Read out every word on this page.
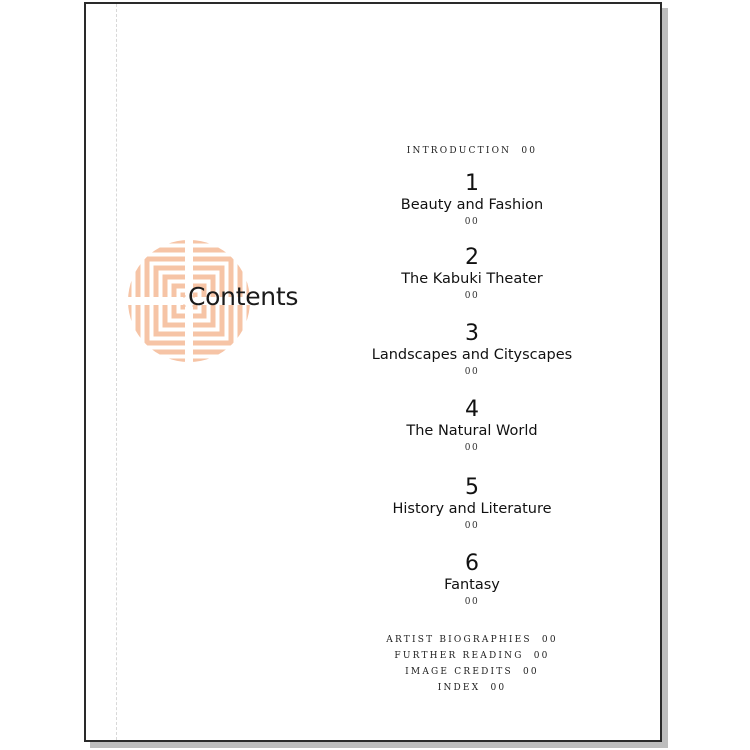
Contents
INTRODUCTION 00
1
Beauty and Fashion
00
2
The Kabuki Theater
00
3
Landscapes and Cityscapes
00
4
The Natural World
00
5
History and Literature
00
6
Fantasy
00
ARTIST BIOGRAPHIES 00
FURTHER READING 00
IMAGE CREDITS 00
INDEX 00
